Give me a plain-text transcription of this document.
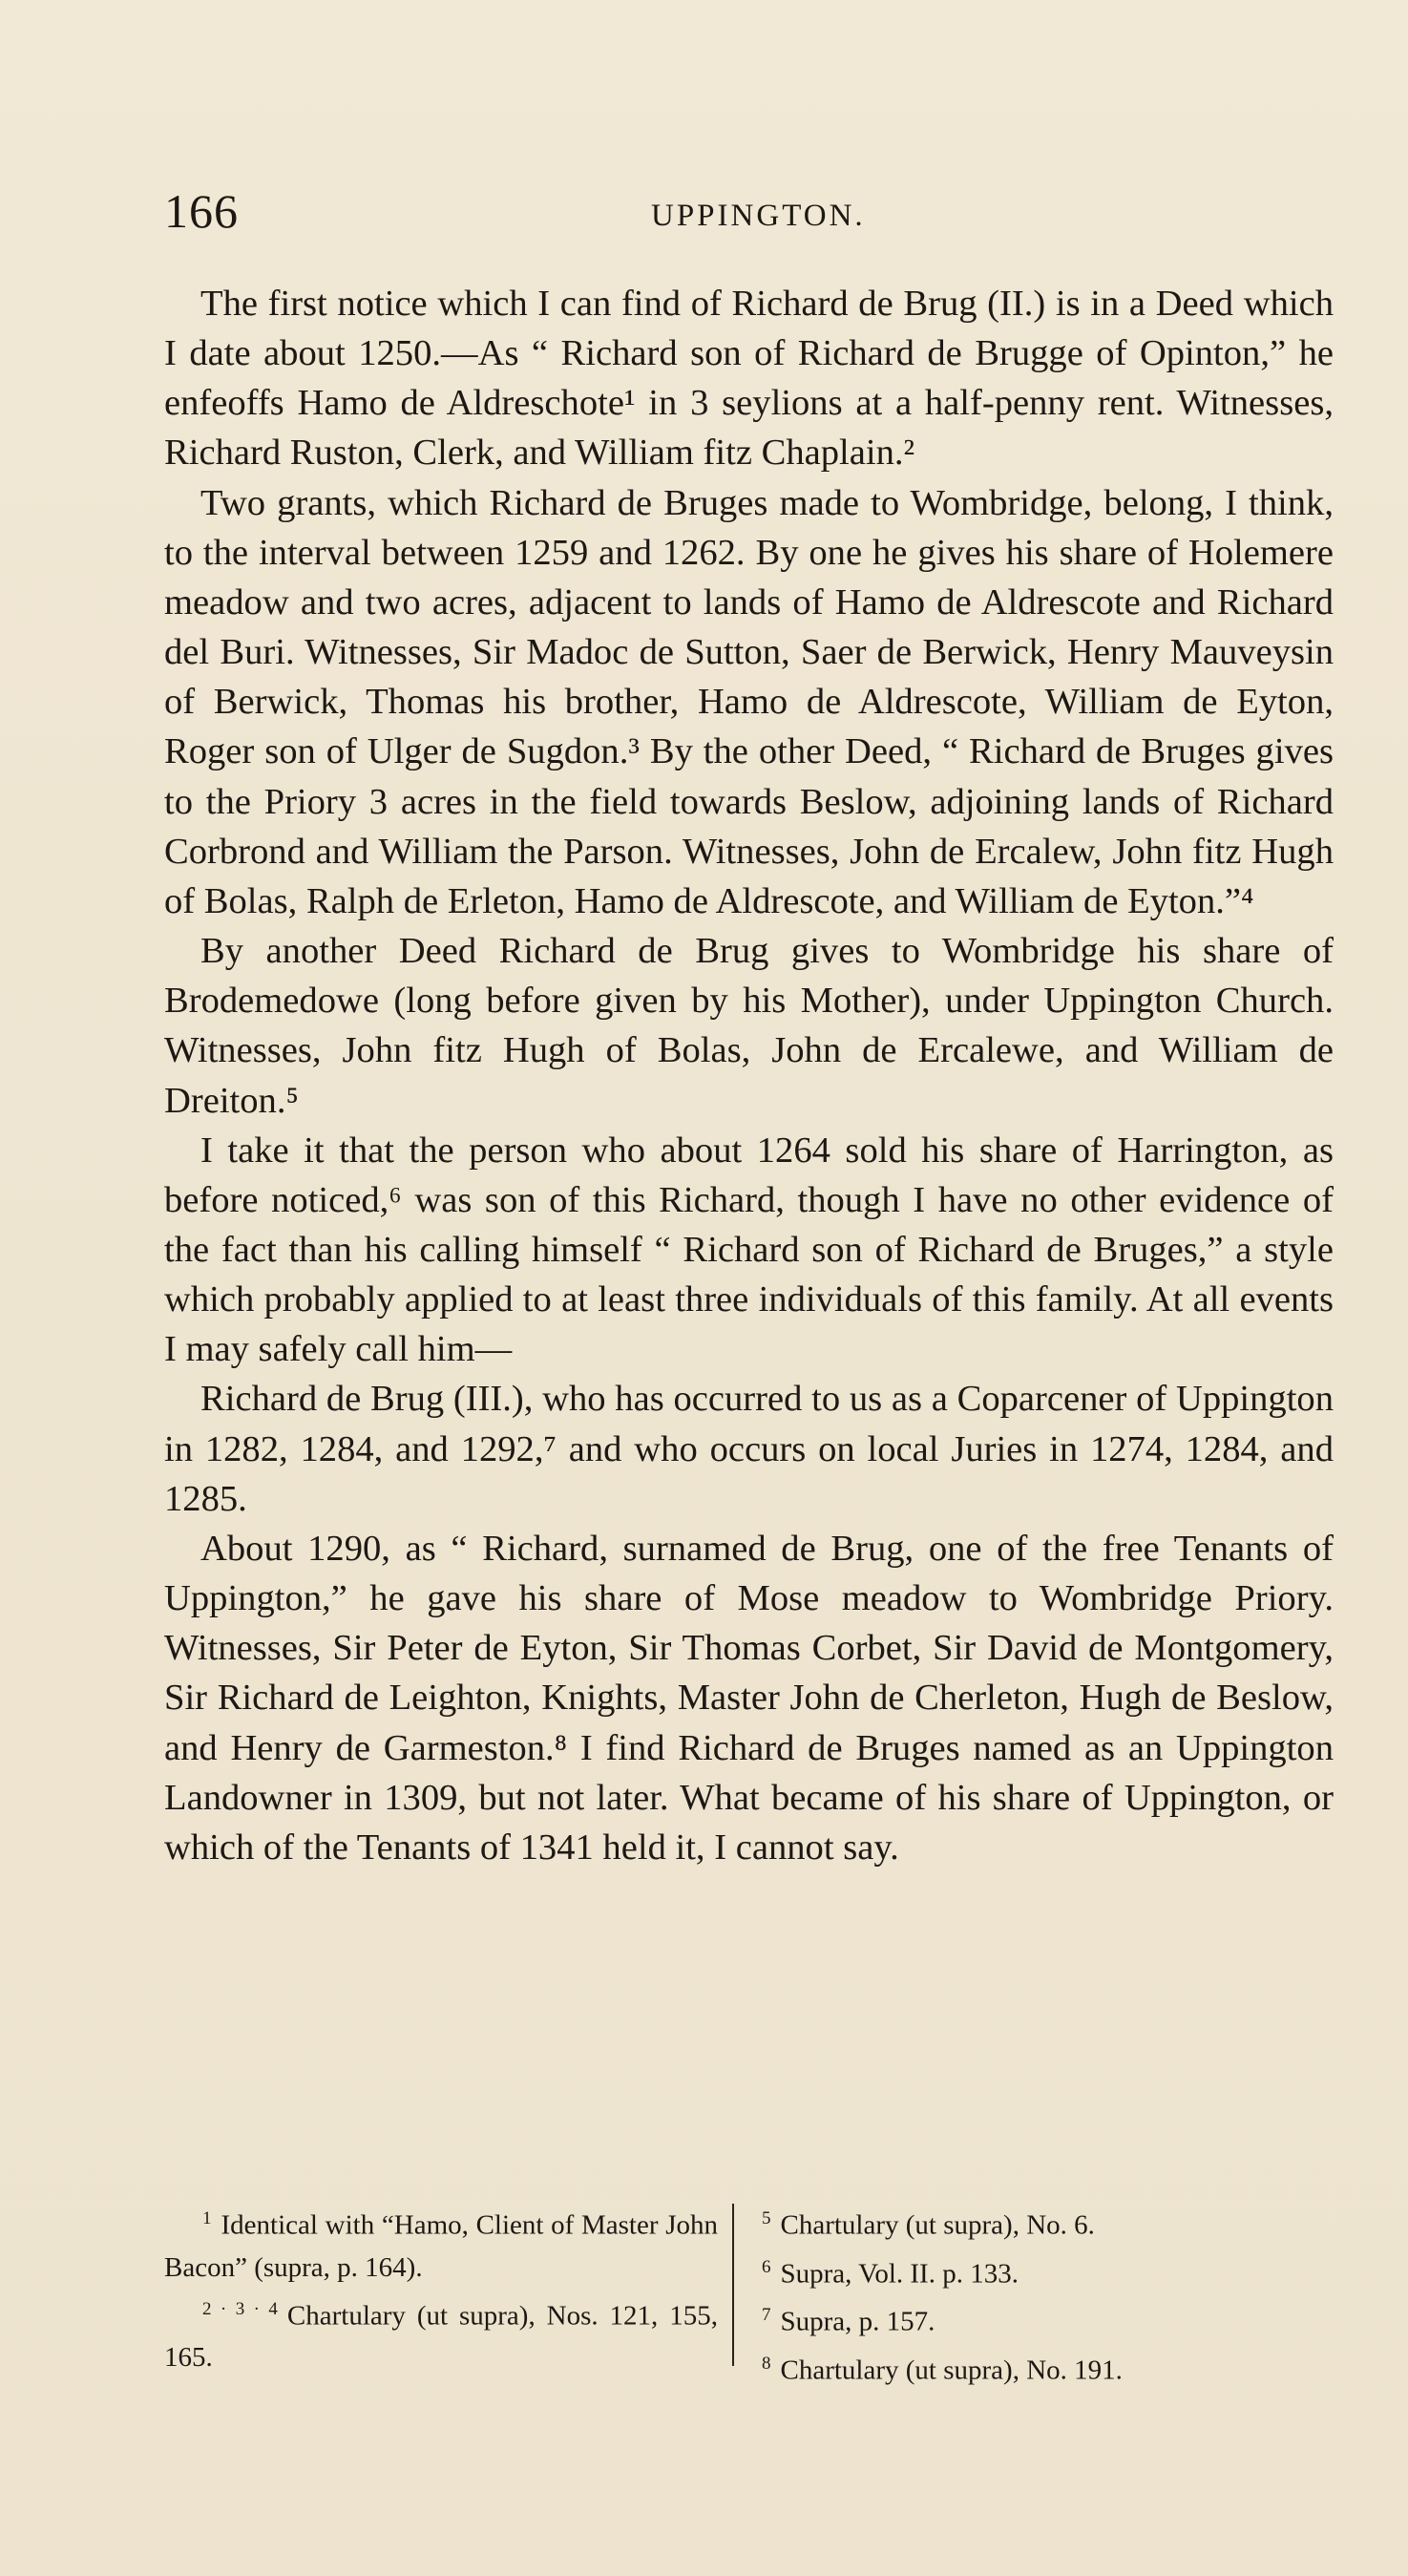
166	UPPINGTON.

The first notice which I can find of Richard de Brug (II.) is in a Deed which I date about 1250.—As “ Richard son of Richard de Brugge of Opinton,” he enfeoffs Hamo de Aldreschote¹ in 3 seylions at a half-penny rent. Witnesses, Richard Ruston, Clerk, and William fitz Chaplain.²

Two grants, which Richard de Bruges made to Wombridge, belong, I think, to the interval between 1259 and 1262. By one he gives his share of Holemere meadow and two acres, adjacent to lands of Hamo de Aldrescote and Richard del Buri. Witnesses, Sir Madoc de Sutton, Saer de Berwick, Henry Mauveysin of Berwick, Thomas his brother, Hamo de Aldrescote, William de Eyton, Roger son of Ulger de Sugdon.³ By the other Deed, “ Richard de Bruges gives to the Priory 3 acres in the field towards Beslow, adjoining lands of Richard Corbrond and William the Parson. Witnesses, John de Ercalew, John fitz Hugh of Bolas, Ralph de Erleton, Hamo de Aldrescote, and William de Eyton.”⁴

By another Deed Richard de Brug gives to Wombridge his share of Brodemedowe (long before given by his Mother), under Uppington Church. Witnesses, John fitz Hugh of Bolas, John de Ercalewe, and William de Dreiton.⁵

I take it that the person who about 1264 sold his share of Harrington, as before noticed,⁶ was son of this Richard, though I have no other evidence of the fact than his calling himself “ Richard son of Richard de Bruges,” a style which probably applied to at least three individuals of this family. At all events I may safely call him—

Richard de Brug (III.), who has occurred to us as a Coparcener of Uppington in 1282, 1284, and 1292,⁷ and who occurs on local Juries in 1274, 1284, and 1285.

About 1290, as “ Richard, surnamed de Brug, one of the free Tenants of Uppington,” he gave his share of Mose meadow to Wombridge Priory. Witnesses, Sir Peter de Eyton, Sir Thomas Corbet, Sir David de Montgomery, Sir Richard de Leighton, Knights, Master John de Cherleton, Hugh de Beslow, and Henry de Garmeston.⁸ I find Richard de Bruges named as an Uppington Landowner in 1309, but not later. What became of his share of Uppington, or which of the Tenants of 1341 held it, I cannot say.

$^1$ Identical with “Hamo, Client of Master John Bacon” (supra, p. 164).

$^{2 \cdot 3 \cdot 4}$ Chartulary (ut supra), Nos. 121, 155, 165.

$^5$ Chartulary (ut supra), No. 6.

$^6$ Supra, Vol. II. p. 133.

$^7$ Supra, p. 157.

$^8$ Chartulary (ut supra), No. 191.
